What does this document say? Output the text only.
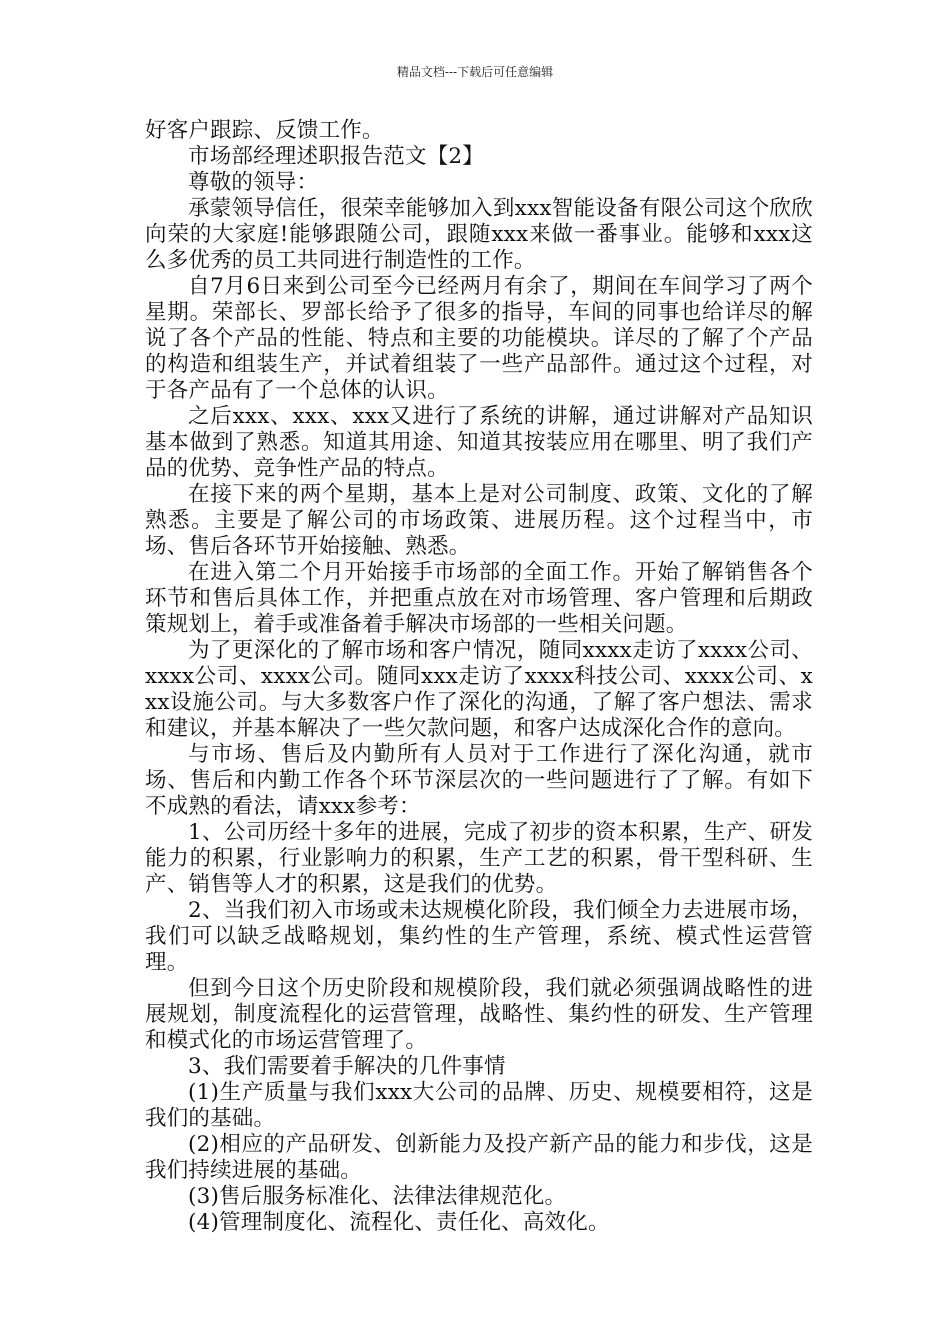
精品文档---下载后可任意编辑

好客户跟踪、反馈工作。

市场部经理述职报告范文【2】

尊敬的领导：

承蒙领导信任，很荣幸能够加入到xxx智能设备有限公司这个欣欣向荣的大家庭!能够跟随公司，跟随xxx来做一番事业。能够和xxx这么多优秀的员工共同进行制造性的工作。

自7月6日来到公司至今已经两月有余了，期间在车间学习了两个星期。荣部长、罗部长给予了很多的指导，车间的同事也给详尽的解说了各个产品的性能、特点和主要的功能模块。详尽的了解了个产品的构造和组装生产，并试着组装了一些产品部件。通过这个过程，对于各产品有了一个总体的认识。

之后xxx、xxx、xxx又进行了系统的讲解，通过讲解对产品知识基本做到了熟悉。知道其用途、知道其按装应用在哪里、明了我们产品的优势、竞争性产品的特点。

在接下来的两个星期，基本上是对公司制度、政策、文化的了解熟悉。主要是了解公司的市场政策、进展历程。这个过程当中，市场、售后各环节开始接触、熟悉。

在进入第二个月开始接手市场部的全面工作。开始了解销售各个环节和售后具体工作，并把重点放在对市场管理、客户管理和后期政策规划上，着手或准备着手解决市场部的一些相关问题。

为了更深化的了解市场和客户情况，随同xxxx走访了xxxx公司、xxxx公司、xxxx公司。随同xxx走访了xxxx科技公司、xxxx公司、xxx设施公司。与大多数客户作了深化的沟通，了解了客户想法、需求和建议，并基本解决了一些欠款问题，和客户达成深化合作的意向。

与市场、售后及内勤所有人员对于工作进行了深化沟通，就市场、售后和内勤工作各个环节深层次的一些问题进行了了解。有如下不成熟的看法，请xxx参考：

1、公司历经十多年的进展，完成了初步的资本积累，生产、研发能力的积累，行业影响力的积累，生产工艺的积累，骨干型科研、生产、销售等人才的积累，这是我们的优势。

2、当我们初入市场或未达规模化阶段，我们倾全力去进展市场，我们可以缺乏战略规划，集约性的生产管理，系统、模式性运营管理。

但到今日这个历史阶段和规模阶段，我们就必须强调战略性的进展规划，制度流程化的运营管理，战略性、集约性的研发、生产管理和模式化的市场运营管理了。

3、我们需要着手解决的几件事情

(1)生产质量与我们xxx大公司的品牌、历史、规模要相符，这是我们的基础。

(2)相应的产品研发、创新能力及投产新产品的能力和步伐，这是我们持续进展的基础。

(3)售后服务标准化、法律法律规范化。

(4)管理制度化、流程化、责任化、高效化。
